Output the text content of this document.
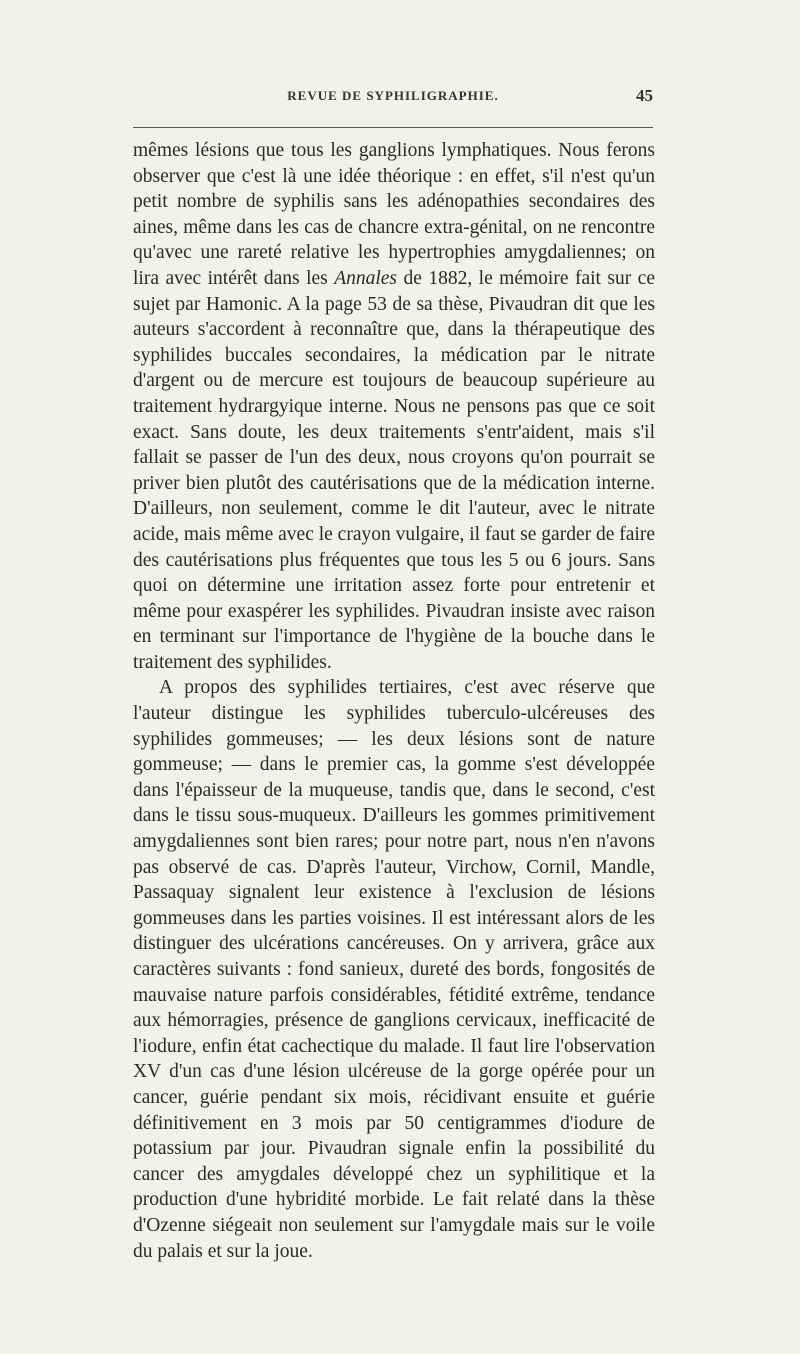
REVUE DE SYPHILIGRAPHIE.	45

mêmes lésions que tous les ganglions lymphatiques. Nous ferons observer que c'est là une idée théorique : en effet, s'il n'est qu'un petit nombre de syphilis sans les adénopathies secondaires des aines, même dans les cas de chancre extra-génital, on ne rencontre qu'avec une rareté relative les hypertrophies amygdaliennes; on lira avec intérêt dans les Annales de 1882, le mémoire fait sur ce sujet par Hamonic. A la page 53 de sa thèse, Pivaudran dit que les auteurs s'accordent à reconnaître que, dans la thérapeutique des syphilides buccales secondaires, la médication par le nitrate d'argent ou de mercure est toujours de beaucoup supérieure au traitement hydrargyique interne. Nous ne pensons pas que ce soit exact. Sans doute, les deux traitements s'entr'aident, mais s'il fallait se passer de l'un des deux, nous croyons qu'on pourrait se priver bien plutôt des cautérisations que de la médication interne. D'ailleurs, non seulement, comme le dit l'auteur, avec le nitrate acide, mais même avec le crayon vulgaire, il faut se garder de faire des cautérisations plus fréquentes que tous les 5 ou 6 jours. Sans quoi on détermine une irritation assez forte pour entretenir et même pour exaspérer les syphilides. Pivaudran insiste avec raison en terminant sur l'importance de l'hygiène de la bouche dans le traitement des syphilides.

A propos des syphilides tertiaires, c'est avec réserve que l'auteur distingue les syphilides tuberculo-ulcéreuses des syphilides gommeuses; — les deux lésions sont de nature gommeuse; — dans le premier cas, la gomme s'est développée dans l'épaisseur de la muqueuse, tandis que, dans le second, c'est dans le tissu sous-muqueux. D'ailleurs les gommes primitivement amygdaliennes sont bien rares; pour notre part, nous n'en n'avons pas observé de cas. D'après l'auteur, Virchow, Cornil, Mandle, Passaquay signalent leur existence à l'exclusion de lésions gommeuses dans les parties voisines. Il est intéressant alors de les distinguer des ulcérations cancéreuses. On y arrivera, grâce aux caractères suivants : fond sanieux, dureté des bords, fongosités de mauvaise nature parfois considérables, fétidité extrême, tendance aux hémorragies, présence de ganglions cervicaux, inefficacité de l'iodure, enfin état cachectique du malade. Il faut lire l'observation XV d'un cas d'une lésion ulcéreuse de la gorge opérée pour un cancer, guérie pendant six mois, récidivant ensuite et guérie définitivement en 3 mois par 50 centigrammes d'iodure de potassium par jour. Pivaudran signale enfin la possibilité du cancer des amygdales développé chez un syphilitique et la production d'une hybridité morbide. Le fait relaté dans la thèse d'Ozenne siégeait non seulement sur l'amygdale mais sur le voile du palais et sur la joue.
